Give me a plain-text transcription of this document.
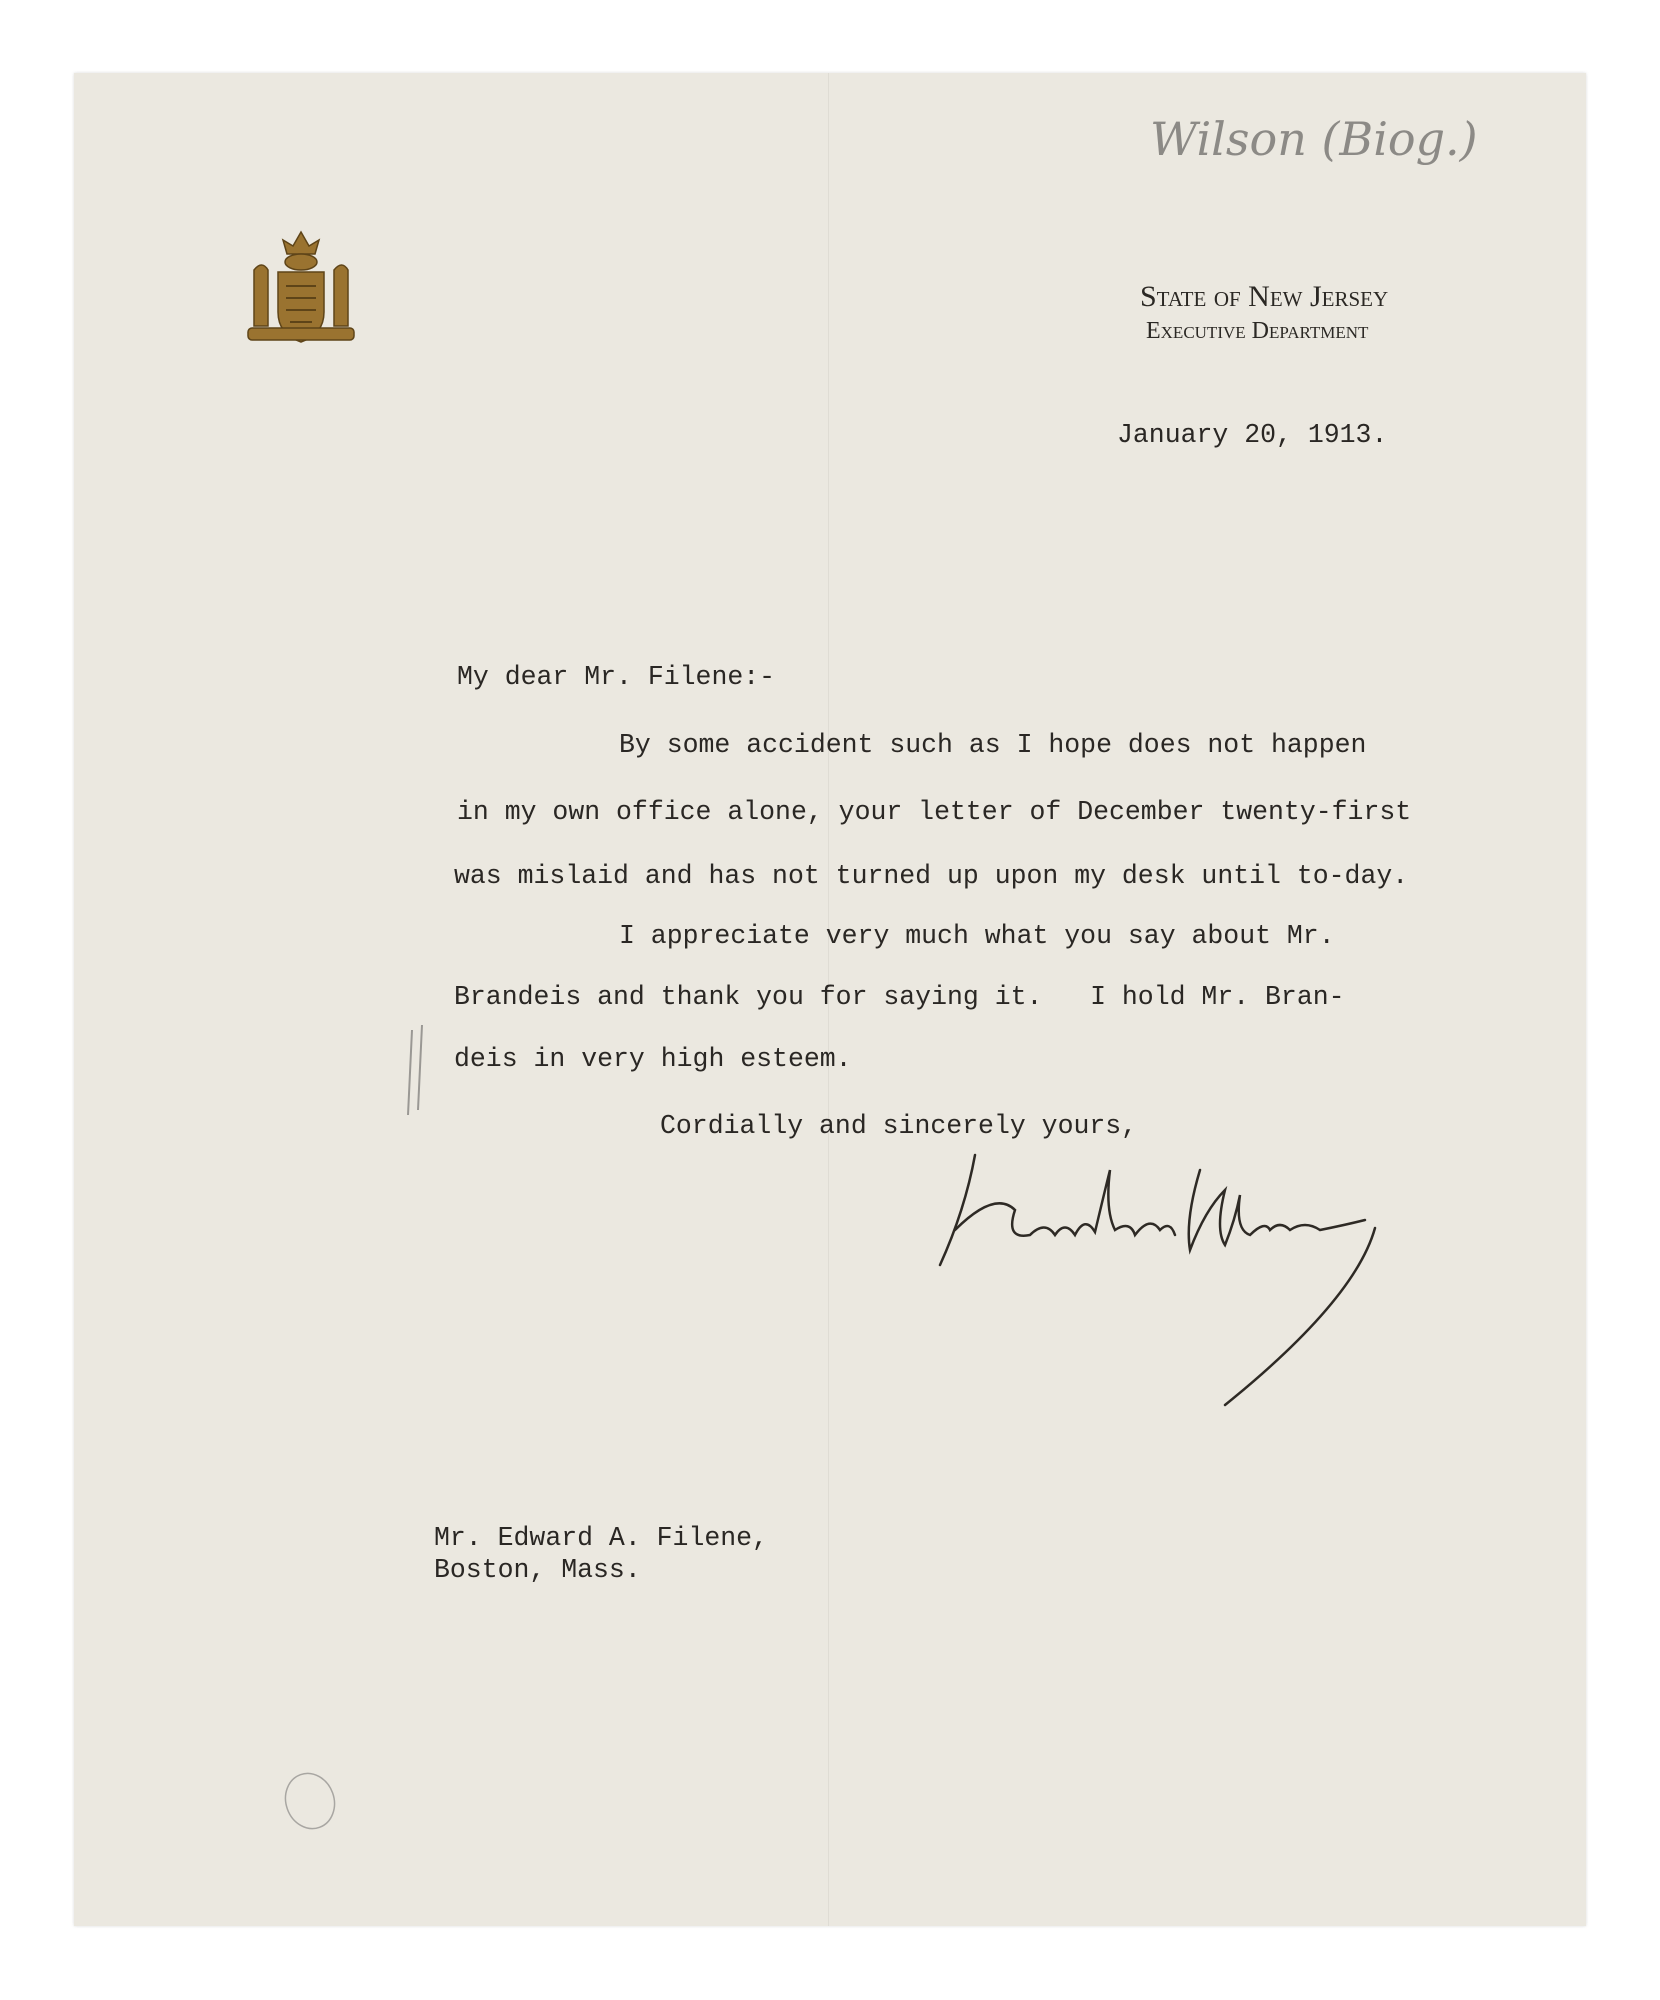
Wilson (Biog.)
State of New Jersey
Executive Department
January 20, 1913.
My dear Mr. Filene:-
By some accident such as I hope does not happen
in my own office alone, your letter of December twenty-first
was mislaid and has not turned up upon my desk until to-day.
I appreciate very much what you say about Mr.
Brandeis and thank you for saying it.   I hold Mr. Bran-
deis in very high esteem.
Cordially and sincerely yours,
Mr. Edward A. Filene,
Boston, Mass.
